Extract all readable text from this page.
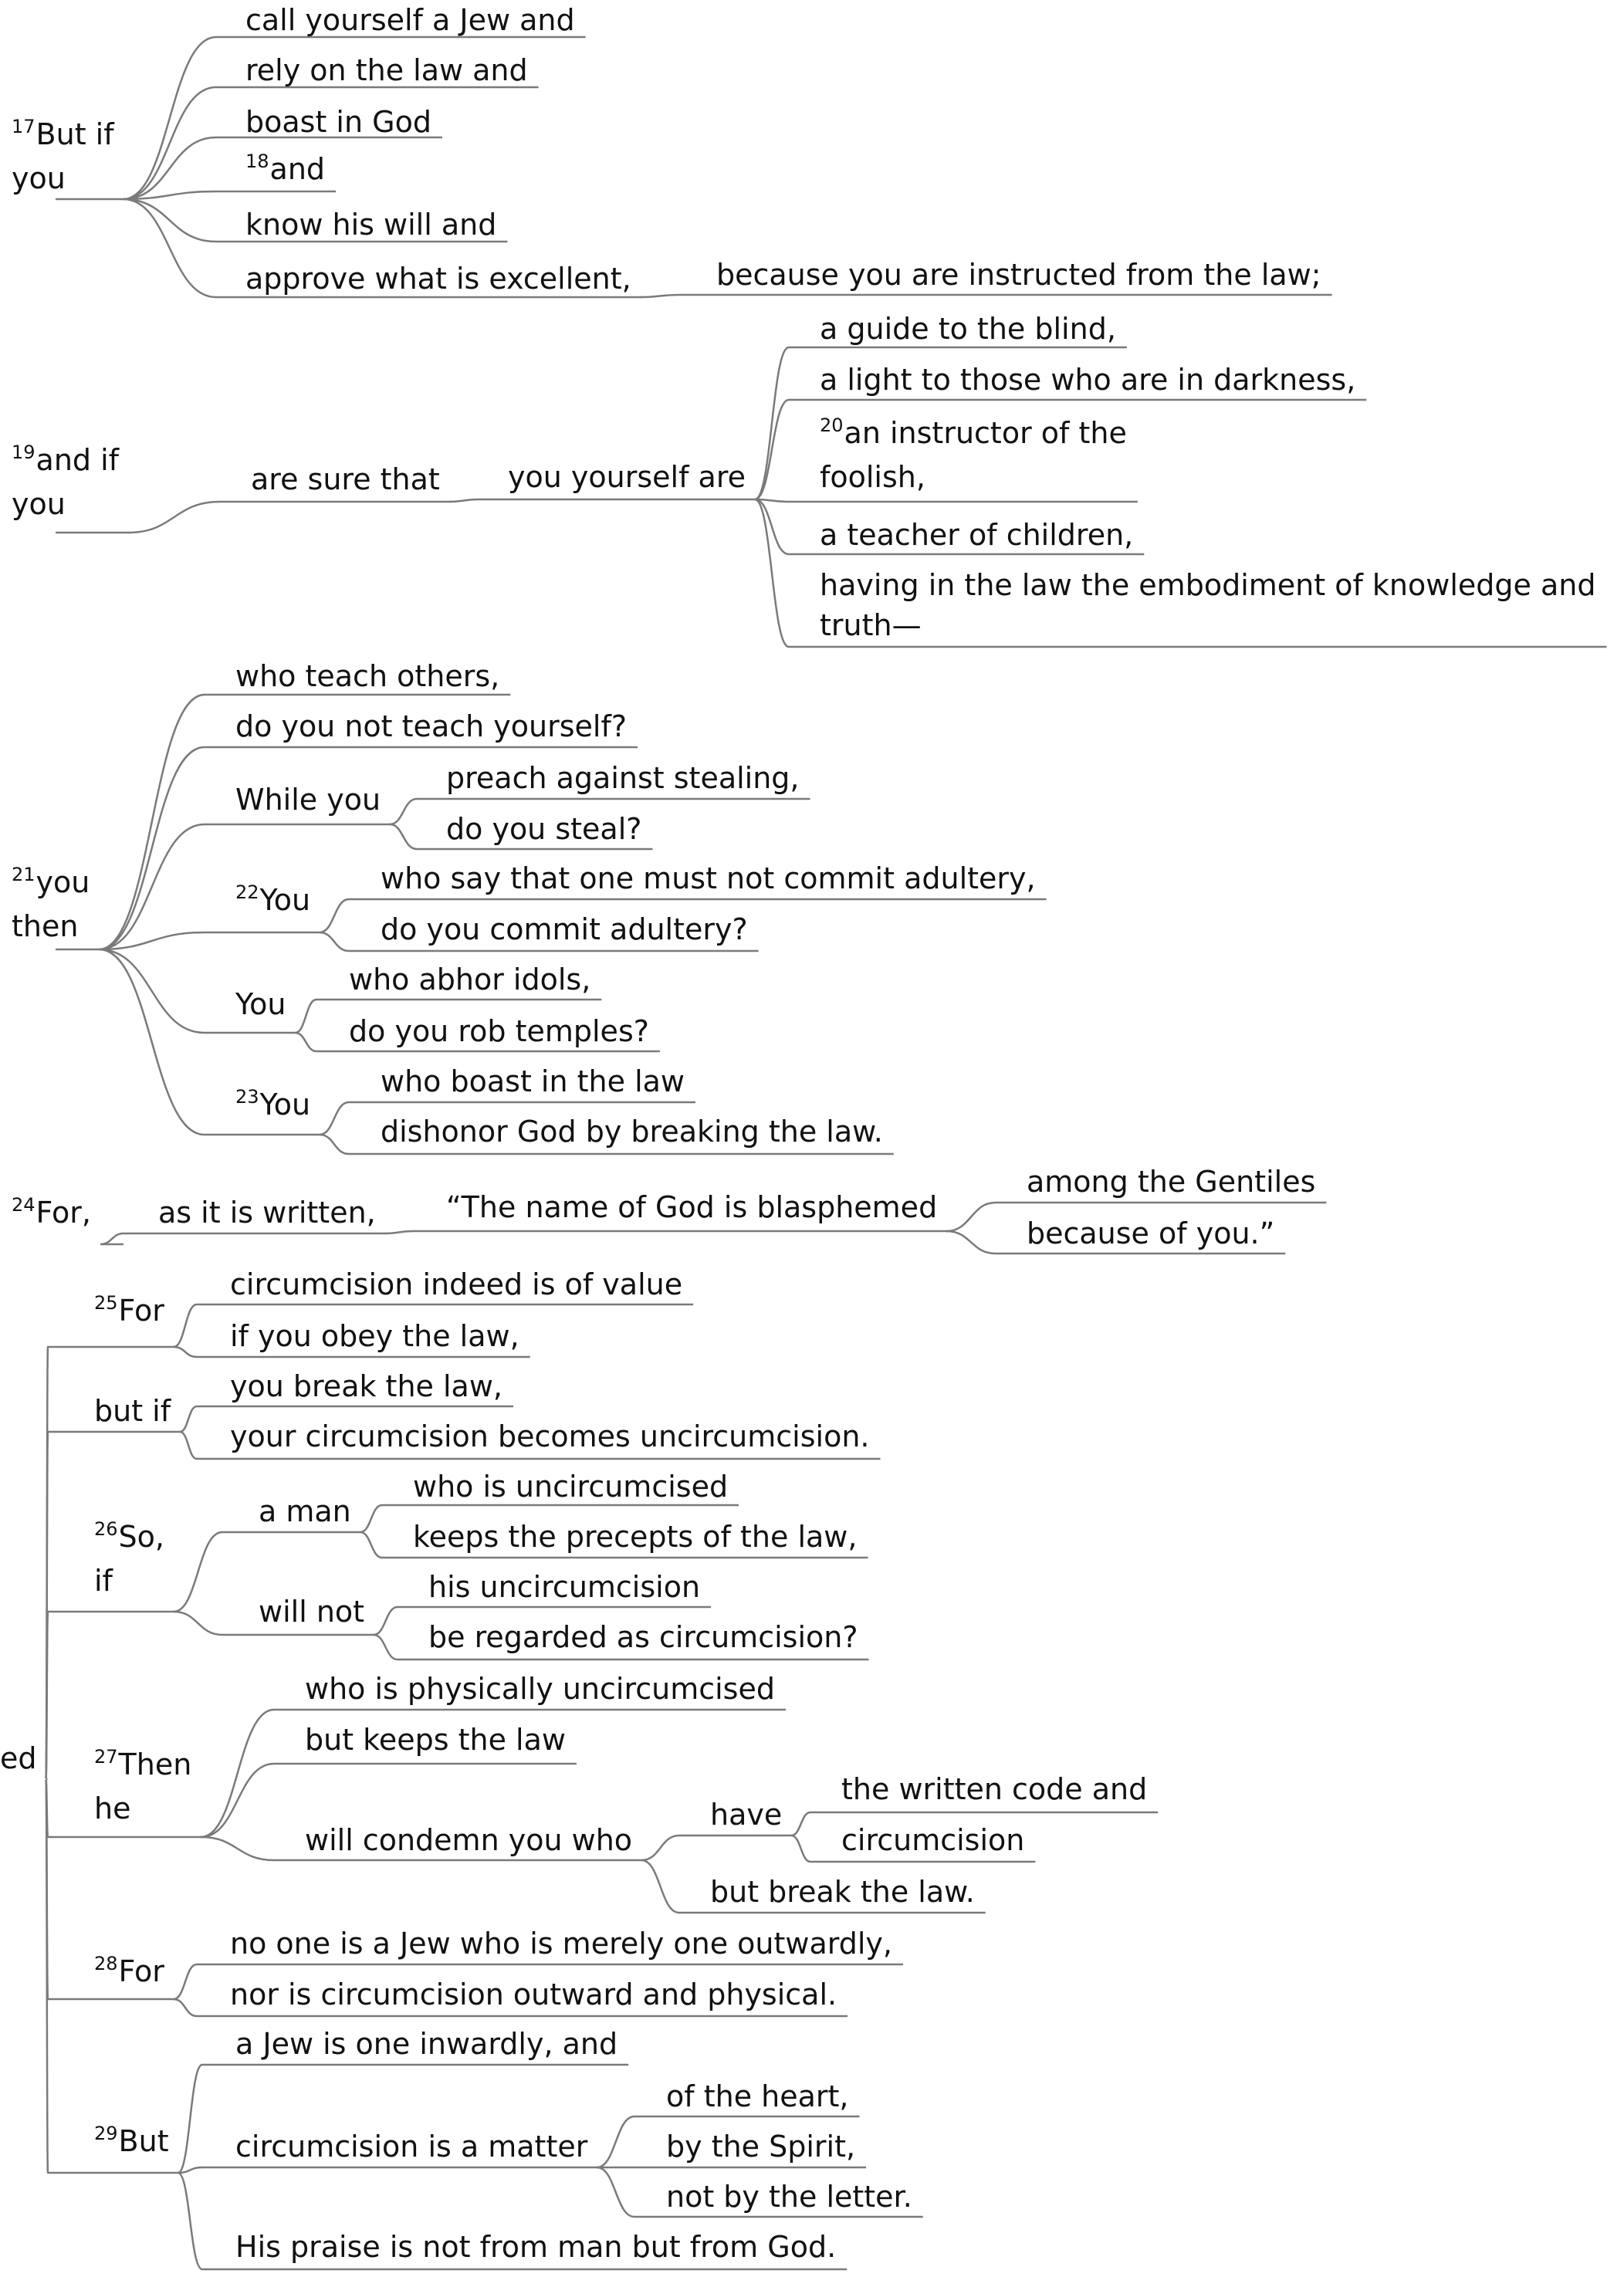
$^{17}$But if
you
call yourself a Jew and
rely on the law and
boast in God
$^{18}$and
know his will and
approve what is excellent,	because you are instructed from the law;
$^{19}$and if
you
are sure that you yourself are
a guide to the blind,
a light to those who are in darkness,
$^{20}$an instructor of the
foolish,
a teacher of children,
having in the law the embodiment of knowledge and
truth—
$^{21}$you
then
who teach others,
do you not teach yourself?
While you
preach against stealing,
do you steal?
$^{22}$You
who say that one must not commit adultery,
do you commit adultery?
You
who abhor idols,
do you rob temples?
$^{23}$You
who boast in the law
dishonor God by breaking the law.
$^{24}$For, as it is written, “The name of God is blasphemed
among the Gentiles
because of you.”
ed
$^{25}$For
circumcision indeed is of value
if you obey the law,
but if
you break the law,
your circumcision becomes uncircumcision.
$^{26}$So,
if
a man
who is uncircumcised
keeps the precepts of the law,
will not
his uncircumcision
be regarded as circumcision?
$^{27}$Then
he
who is physically uncircumcised
but keeps the law
will condemn you who
have
the written code and
circumcision
but break the law.
$^{28}$For
no one is a Jew who is merely one outwardly,
nor is circumcision outward and physical.
$^{29}$But
a Jew is one inwardly, and
circumcision is a matter
of the heart,
by the Spirit,
not by the letter.
His praise is not from man but from God.
